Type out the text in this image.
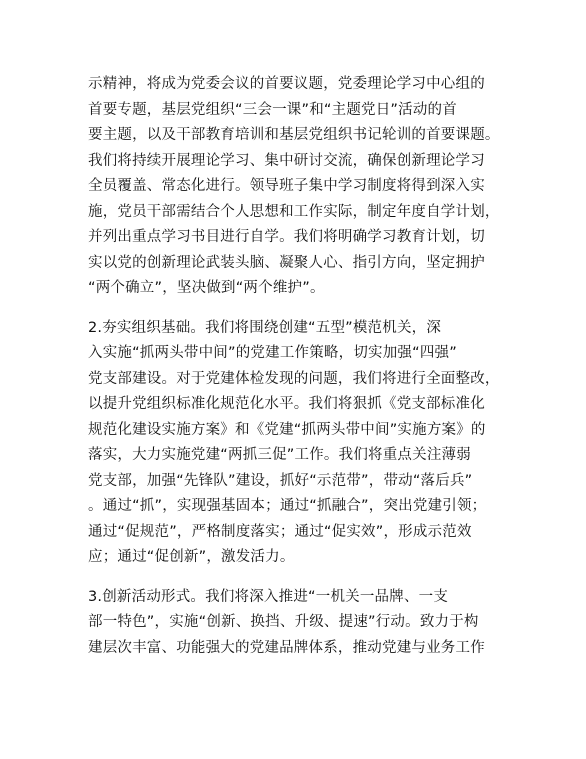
示精神，将成为党委会议的首要议题，党委理论学习中心组的
首要专题，基层党组织“三会一课”和“主题党日”活动的首
要主题，以及干部教育培训和基层党组织书记轮训的首要课题。
我们将持续开展理论学习、集中研讨交流，确保创新理论学习
全员覆盖、常态化进行。领导班子集中学习制度将得到深入实
施，党员干部需结合个人思想和工作实际，制定年度自学计划，
并列出重点学习书目进行自学。我们将明确学习教育计划，切
实以党的创新理论武装头脑、凝聚人心、指引方向，坚定拥护
“两个确立”，坚决做到“两个维护”。
2.夯实组织基础。我们将围绕创建“五型”模范机关，深
入实施“抓两头带中间”的党建工作策略，切实加强“四强”
党支部建设。对于党建体检发现的问题，我们将进行全面整改，
以提升党组织标准化规范化水平。我们将狠抓《党支部标准化
规范化建设实施方案》和《党建“抓两头带中间”实施方案》的
落实，大力实施党建“两抓三促”工作。我们将重点关注薄弱
党支部，加强“先锋队”建设，抓好“示范带”，带动“落后兵”
。通过“抓”，实现强基固本；通过“抓融合”，突出党建引领；
通过“促规范”，严格制度落实；通过“促实效”，形成示范效
应；通过“促创新”，激发活力。
3.创新活动形式。我们将深入推进“一机关一品牌、一支
部一特色”，实施“创新、换挡、升级、提速”行动。致力于构
建层次丰富、功能强大的党建品牌体系，推动党建与业务工作
